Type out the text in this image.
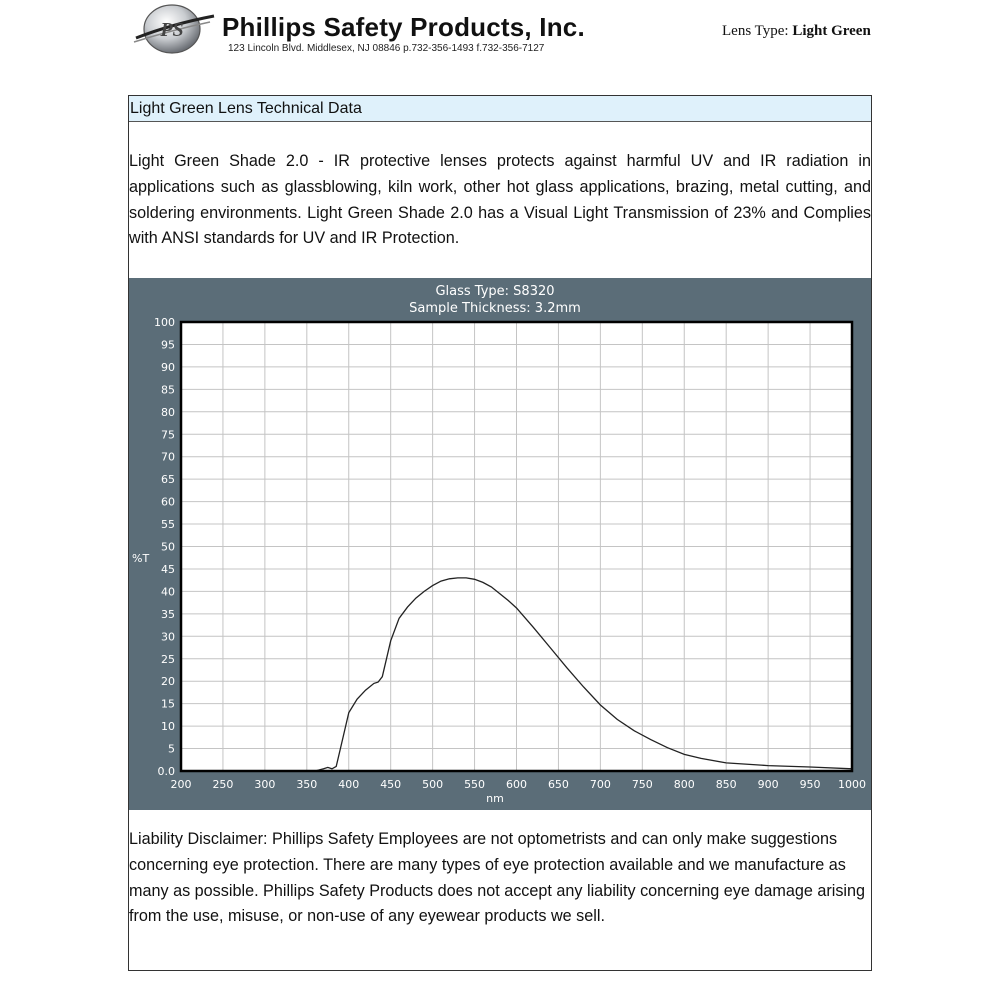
PS Phillips Safety Products, Inc.
123 Lincoln Blvd. Middlesex, NJ 08846 p.732-356-1493 f.732-356-7127
Lens Type: Light Green
Light Green Lens Technical Data
Light Green Shade 2.0 - IR protective lenses protects against harmful UV and IR radiation in applications such as glassblowing, kiln work, other hot glass applications, brazing, metal cutting, and soldering environments. Light Green Shade 2.0 has a Visual Light Transmission of 23% and Complies with ANSI standards for UV and IR Protection.
Glass Type: S8320
Sample Thickness: 3.2mm
0.0
5
10
15
20
25
30
35
40
45
50
55
60
65
70
75
80
85
90
95
100
200 250 300 350 400 450 500 550 600 650 700 750 800 850 900 950 1000
%T
nm
Liability Disclaimer: Phillips Safety Employees are not optometrists and can only make suggestions concerning eye protection. There are many types of eye protection available and we manufacture as many as possible. Phillips Safety Products does not accept any liability concerning eye damage arising from the use, misuse, or non-use of any eyewear products we sell.
